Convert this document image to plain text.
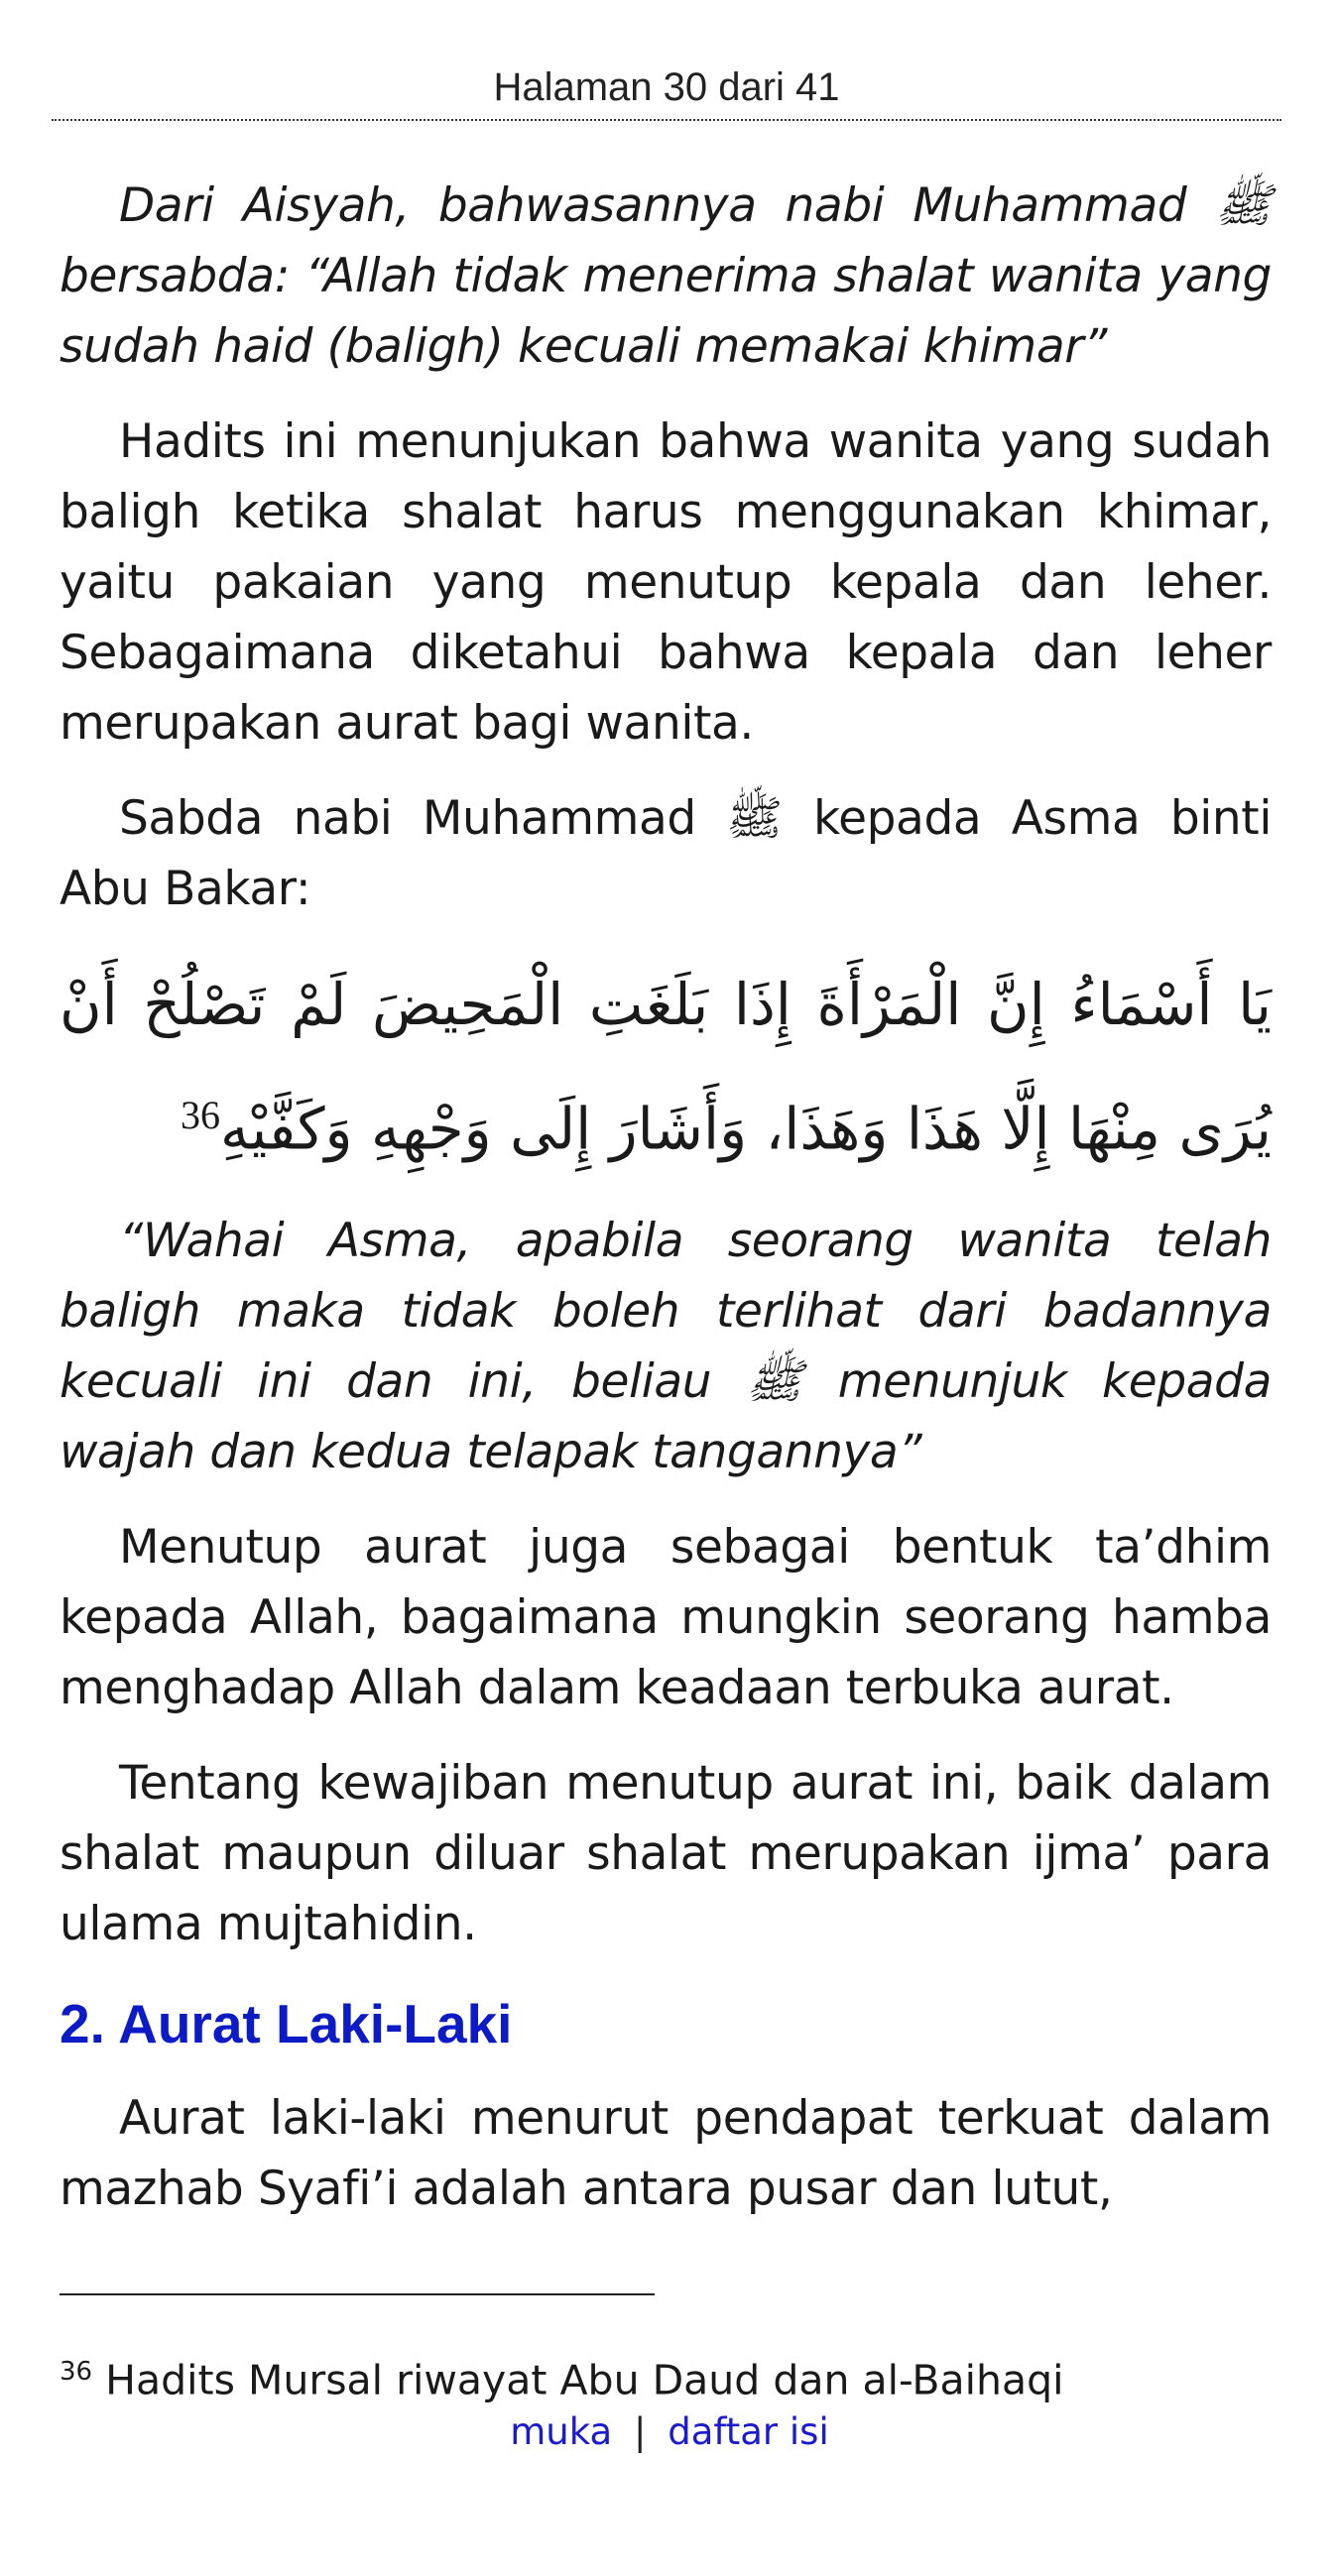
Halaman 30 dari 41

Dari Aisyah, bahwasannya nabi Muhammad ﷺ bersabda: “Allah tidak menerima shalat wanita yang sudah haid (baligh) kecuali memakai khimar”

Hadits ini menunjukan bahwa wanita yang sudah baligh ketika shalat harus menggunakan khimar, yaitu pakaian yang menutup kepala dan leher. Sebagaimana diketahui bahwa kepala dan leher merupakan aurat bagi wanita.

Sabda nabi Muhammad ﷺ kepada Asma binti Abu Bakar:

يَا أَسْمَاءُ إِنَّ الْمَرْأَةَ إِذَا بَلَغَتِ الْمَحِيضَ لَمْ تَصْلُحْ أَنْ يُرَى مِنْهَا إِلَّا هَذَا وَهَذَا، وَأَشَارَ إِلَى وَجْهِهِ وَكَفَّيْهِ$^{36}$

“Wahai Asma, apabila seorang wanita telah baligh maka tidak boleh terlihat dari badannya kecuali ini dan ini, beliau ﷺ menunjuk kepada wajah dan kedua telapak tangannya”

Menutup aurat juga sebagai bentuk ta’dhim kepada Allah, bagaimana mungkin seorang hamba menghadap Allah dalam keadaan terbuka aurat.

Tentang kewajiban menutup aurat ini, baik dalam shalat maupun diluar shalat merupakan ijma’ para ulama mujtahidin.

2. Aurat Laki-Laki

Aurat laki-laki menurut pendapat terkuat dalam mazhab Syafi’i adalah antara pusar dan lutut,

$^{36}$ Hadits Mursal riwayat Abu Daud dan al-Baihaqi
muka | daftar isi
